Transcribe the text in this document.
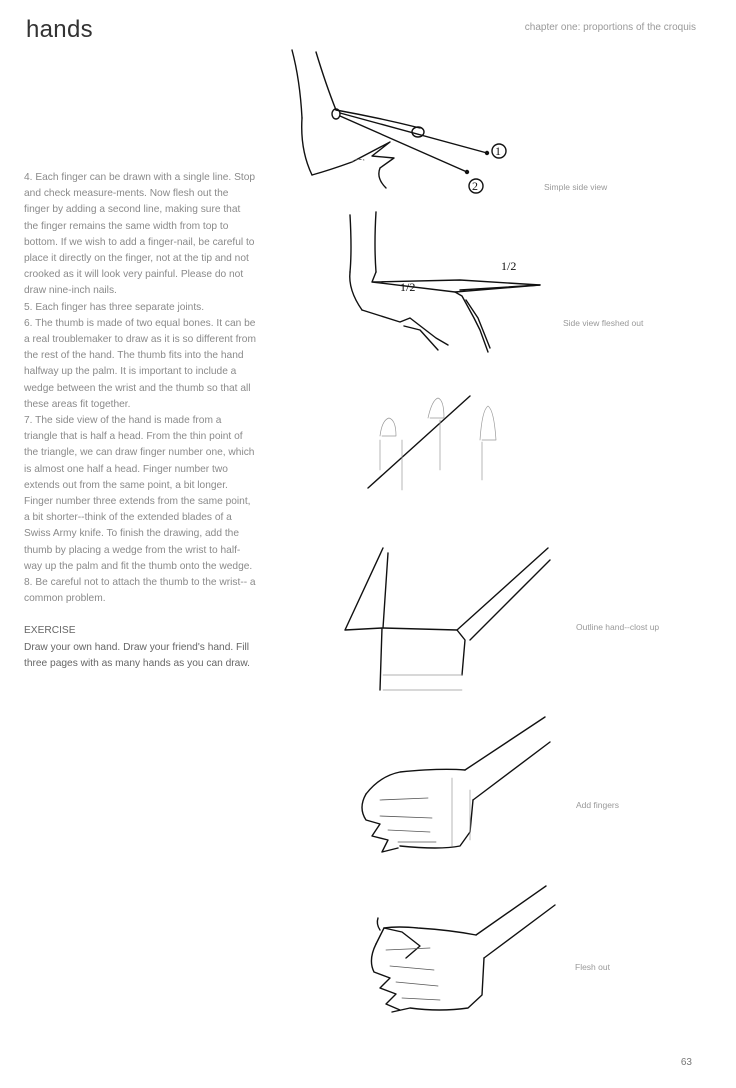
hands	chapter one: proportions of the croquis

4. Each finger can be drawn with a single line. Stop and check measure-ments. Now flesh out the finger by adding a second line, making sure that the finger remains the same width from top to bottom. If we wish to add a finger-nail, be careful to place it directly on the finger, not at the tip and not crooked as it will look very painful. Please do not draw nine-inch nails.

5. Each finger has three separate joints.

6. The thumb is made of two equal bones. It can be a real troublemaker to draw as it is so different from the rest of the hand. The thumb fits into the hand halfway up the palm. It is important to include a wedge between the wrist and the thumb so that all these areas fit together.

7. The side view of the hand is made from a triangle that is half a head. From the thin point of the triangle, we can draw finger number one, which is almost one half a head. Finger number two extends out from the same point, a bit longer. Finger number three extends from the same point, a bit shorter--think of the extended blades of a Swiss Army knife. To finish the drawing, add the thumb by placing a wedge from the wrist to half-way up the palm and fit the thumb onto the wedge.

8. Be careful not to attach the thumb to the wrist-- a common problem.

EXERCISE

Draw your own hand. Draw your friend's hand. Fill three pages with as many hands as you can draw.

1
2
1/2
1/2
Simple side view
Side view fleshed out
Outline hand--clost up
Add fingers
Flesh out
63
